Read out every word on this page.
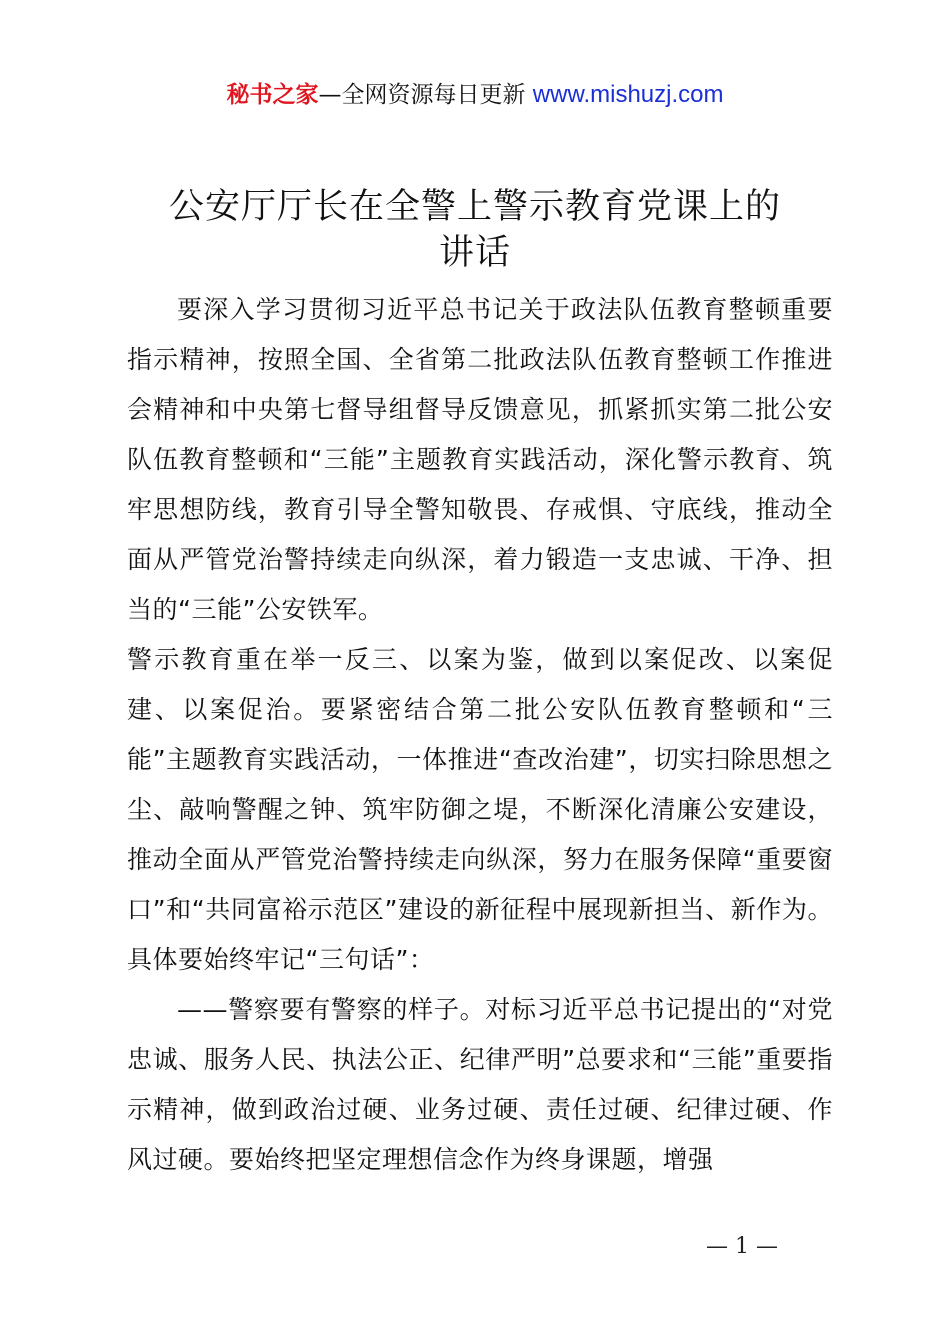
秘书之家—全网资源每日更新 www.mishuzj.com
公安厅厅长在全警上警示教育党课上的
讲话

要深入学习贯彻习近平总书记关于政法队伍教育整顿重要指示精神，按照全国、全省第二批政法队伍教育整顿工作推进会精神和中央第七督导组督导反馈意见，抓紧抓实第二批公安队伍教育整顿和“三能”主题教育实践活动，深化警示教育、筑牢思想防线，教育引导全警知敬畏、存戒惧、守底线，推动全面从严管党治警持续走向纵深，着力锻造一支忠诚、干净、担当的“三能”公安铁军。

警示教育重在举一反三、以案为鉴，做到以案促改、以案促建、以案促治。要紧密结合第二批公安队伍教育整顿和“三能”主题教育实践活动，一体推进“查改治建”，切实扫除思想之尘、敲响警醒之钟、筑牢防御之堤，不断深化清廉公安建设，推动全面从严管党治警持续走向纵深，努力在服务保障“重要窗口”和“共同富裕示范区”建设的新征程中展现新担当、新作为。具体要始终牢记“三句话”：

——警察要有警察的样子。对标习近平总书记提出的“对党忠诚、服务人民、执法公正、纪律严明”总要求和“三能”重要指示精神，做到政治过硬、业务过硬、责任过硬、纪律过硬、作风过硬。要始终把坚定理想信念作为终身课题，增强

— 1 —
